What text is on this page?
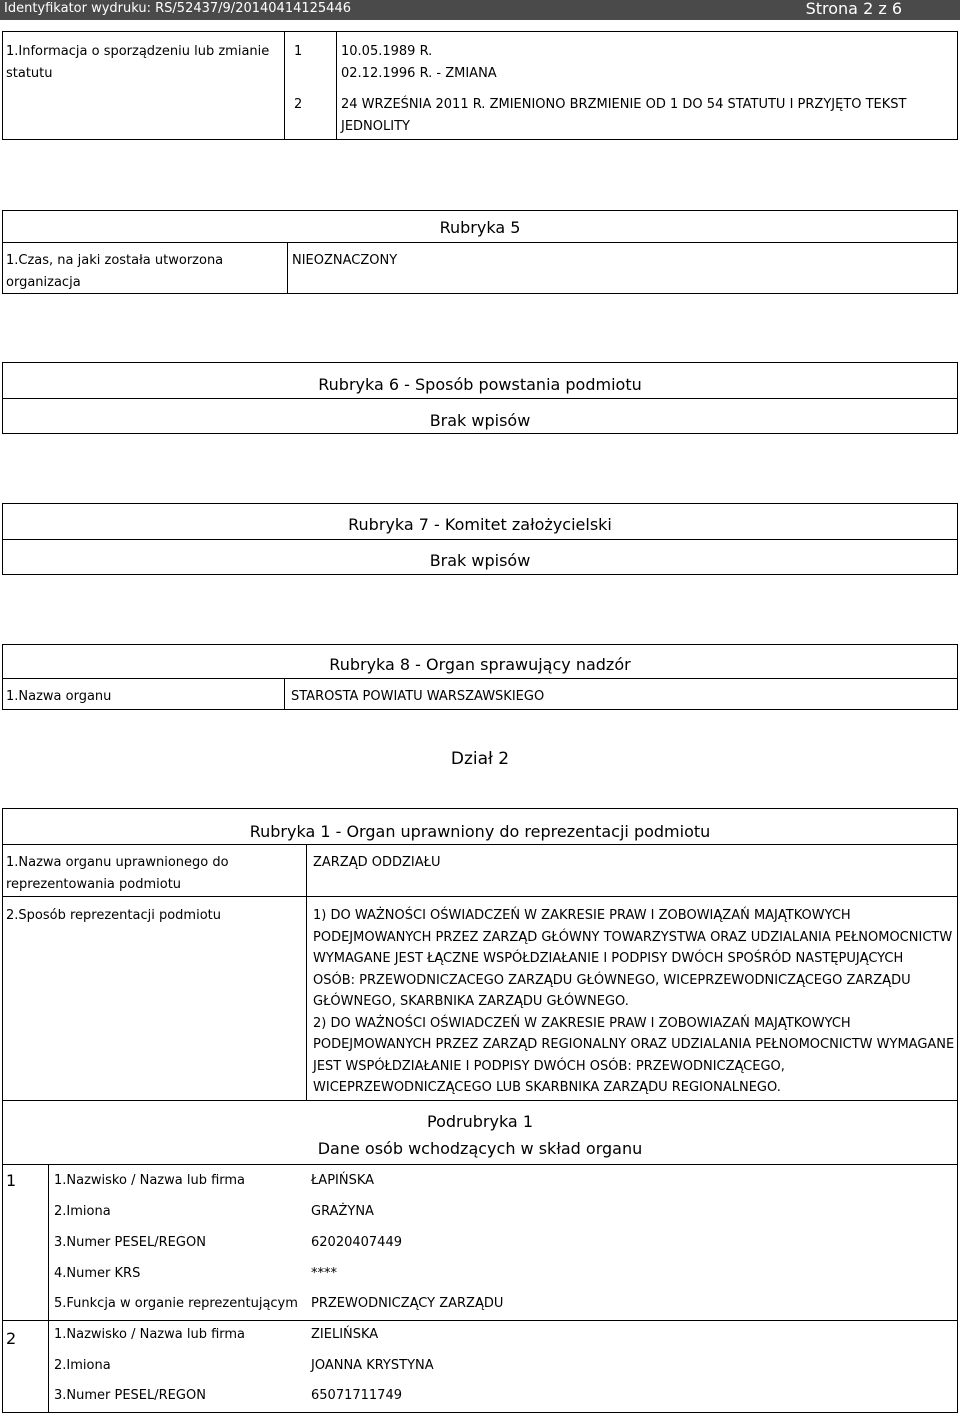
Identyfikator wydruku: RS/52437/9/20140414125446	Strona 2 z 6
1.Informacja o sporządzeniu lub zmianie
statutu
1	10.05.1989 R.
02.12.1996 R. - ZMIANA
2	24 WRZEŚNIA 2011 R. ZMIENIONO BRZMIENIE OD 1 DO 54 STATUTU I PRZYJĘTO TEKST
JEDNOLITY
Rubryka 5
1.Czas, na jaki została utworzona
organizacja
NIEOZNACZONY
Rubryka 6 - Sposób powstania podmiotu
Brak wpisów
Rubryka 7 - Komitet założycielski
Brak wpisów
Rubryka 8 - Organ sprawujący nadzór
1.Nazwa organu	STAROSTA POWIATU WARSZAWSKIEGO
Dział 2
Rubryka 1 - Organ uprawniony do reprezentacji podmiotu
1.Nazwa organu uprawnionego do
reprezentowania podmiotu
ZARZĄD ODDZIAŁU
2.Sposób reprezentacji podmiotu	1) DO WAŻNOŚCI OŚWIADCZEŃ W ZAKRESIE PRAW I ZOBOWIĄZAŃ MAJĄTKOWYCH
PODEJMOWANYCH PRZEZ ZARZĄD GŁÓWNY TOWARZYSTWA ORAZ UDZIALANIA PEŁNOMOCNICTW
WYMAGANE JEST ŁĄCZNE WSPÓŁDZIAŁANIE I PODPISY DWÓCH SPOŚRÓD NASTĘPUJĄCYCH
OSÓB: PRZEWODNICZACEGO ZARZĄDU GŁÓWNEGO, WICEPRZEWODNICZĄCEGO ZARZĄDU
GŁÓWNEGO, SKARBNIKA ZARZĄDU GŁÓWNEGO.
2) DO WAŻNOŚCI OŚWIADCZEŃ W ZAKRESIE PRAW I ZOBOWIAZAŃ MAJĄTKOWYCH
PODEJMOWANYCH PRZEZ ZARZĄD REGIONALNY ORAZ UDZIALANIA PEŁNOMOCNICTW WYMAGANE
JEST WSPÓŁDZIAŁANIE I PODPISY DWÓCH OSÓB: PRZEWODNICZĄCEGO,
WICEPRZEWODNICZĄCEGO LUB SKARBNIKA ZARZĄDU REGIONALNEGO.
Podrubryka 1
Dane osób wchodzących w skład organu
1	1.Nazwisko / Nazwa lub firma	ŁAPIŃSKA
2.Imiona	GRAŻYNA
3.Numer PESEL/REGON	62020407449
4.Numer KRS	****
5.Funkcja w organie reprezentującym PRZEWODNICZĄCY ZARZĄDU
2	1.Nazwisko / Nazwa lub firma	ZIELIŃSKA
2.Imiona	JOANNA KRYSTYNA
3.Numer PESEL/REGON	65071711749
